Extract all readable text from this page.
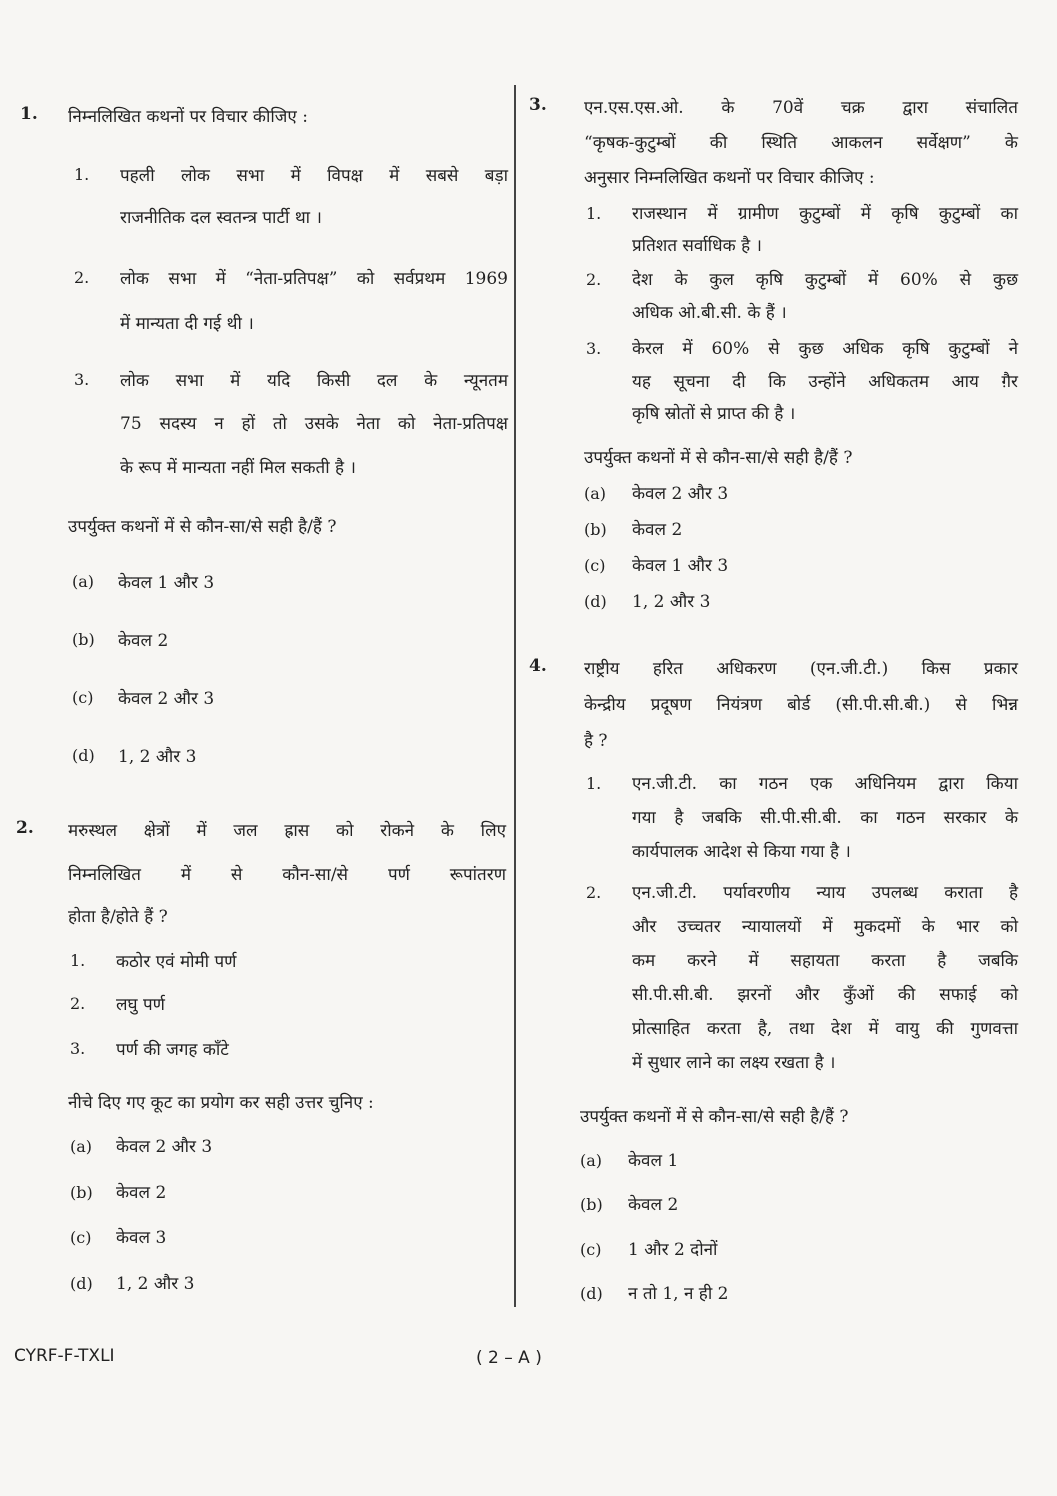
1. निम्नलिखित कथनों पर विचार कीजिए :
1. पहली लोक सभा में विपक्ष में सबसे बड़ा
राजनीतिक दल स्वतन्त्र पार्टी था ।
2. लोक सभा में “नेता-प्रतिपक्ष” को सर्वप्रथम 1969
में मान्यता दी गई थी ।
3. लोक सभा में यदि किसी दल के न्यूनतम
75 सदस्य न हों तो उसके नेता को नेता-प्रतिपक्ष
के रूप में मान्यता नहीं मिल सकती है ।
उपर्युक्त कथनों में से कौन-सा/से सही है/हैं ?
(a) केवल 1 और 3
(b) केवल 2
(c) केवल 2 और 3
(d) 1, 2 और 3
2. मरुस्थल क्षेत्रों में जल ह्रास को रोकने के लिए
निम्नलिखित में से कौन-सा/से पर्ण रूपांतरण
होता है/होते हैं ?
1. कठोर एवं मोमी पर्ण
2. लघु पर्ण
3. पर्ण की जगह काँटे
नीचे दिए गए कूट का प्रयोग कर सही उत्तर चुनिए :
(a) केवल 2 और 3
(b) केवल 2
(c) केवल 3
(d) 1, 2 और 3
3. एन.एस.एस.ओ. के 70वें चक्र द्वारा संचालित
“कृषक-कुटुम्बों की स्थिति आकलन सर्वेक्षण” के
अनुसार निम्नलिखित कथनों पर विचार कीजिए :
1. राजस्थान में ग्रामीण कुटुम्बों में कृषि कुटुम्बों का
प्रतिशत सर्वाधिक है ।
2. देश के कुल कृषि कुटुम्बों में 60% से कुछ
अधिक ओ.बी.सी. के हैं ।
3. केरल में 60% से कुछ अधिक कृषि कुटुम्बों ने
यह सूचना दी कि उन्होंने अधिकतम आय ग़ैर
कृषि स्रोतों से प्राप्त की है ।
उपर्युक्त कथनों में से कौन-सा/से सही है/हैं ?
(a) केवल 2 और 3
(b) केवल 2
(c) केवल 1 और 3
(d) 1, 2 और 3
4. राष्ट्रीय हरित अधिकरण (एन.जी.टी.) किस प्रकार
केन्द्रीय प्रदूषण नियंत्रण बोर्ड (सी.पी.सी.बी.) से भिन्न
है ?
1. एन.जी.टी. का गठन एक अधिनियम द्वारा किया
गया है जबकि सी.पी.सी.बी. का गठन सरकार के
कार्यपालक आदेश से किया गया है ।
2. एन.जी.टी. पर्यावरणीय न्याय उपलब्ध कराता है
और उच्चतर न्यायालयों में मुकदमों के भार को
कम करने में सहायता करता है जबकि
सी.पी.सी.बी. झरनों और कुँओं की सफाई को
प्रोत्साहित करता है, तथा देश में वायु की गुणवत्ता
में सुधार लाने का लक्ष्य रखता है ।
उपर्युक्त कथनों में से कौन-सा/से सही है/हैं ?
(a) केवल 1
(b) केवल 2
(c) 1 और 2 दोनों
(d) न तो 1, न ही 2
CYRF-F-TXLI	( 2 – A )
